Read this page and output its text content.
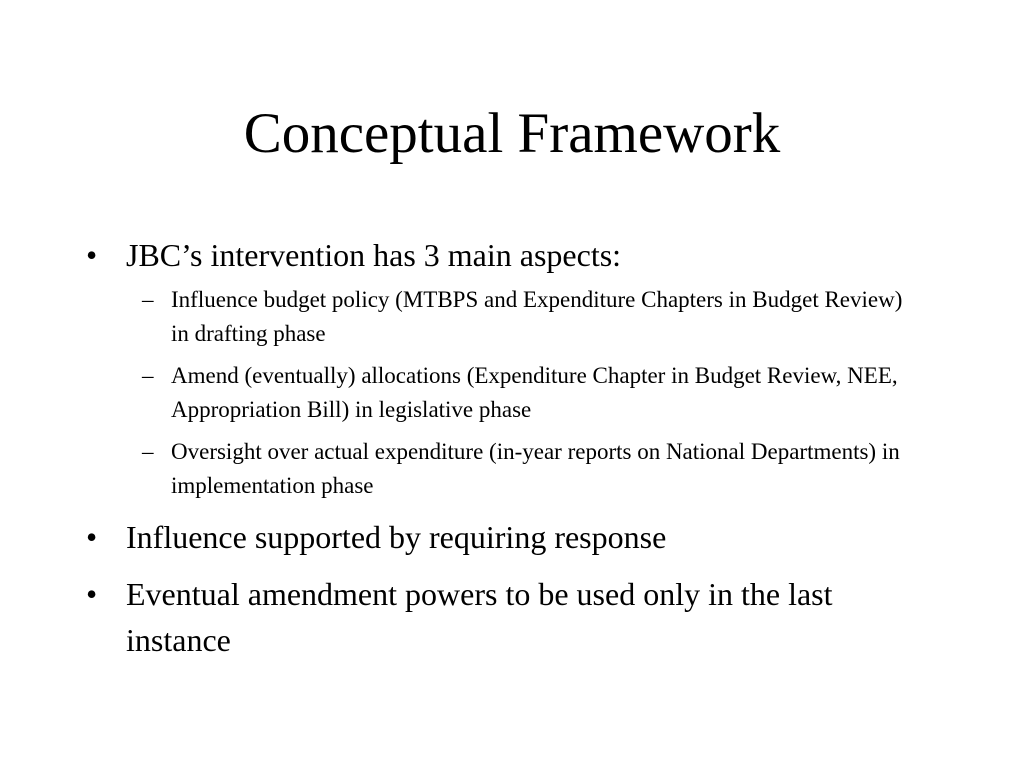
Conceptual Framework
• JBC’s intervention has 3 main aspects:
– Influence budget policy (MTBPS and Expenditure Chapters in Budget Review) in drafting phase
– Amend (eventually) allocations (Expenditure Chapter in Budget Review, NEE, Appropriation Bill) in legislative phase
– Oversight over actual expenditure (in-year reports on National Departments) in implementation phase
• Influence supported by requiring response
• Eventual amendment powers to be used only in the last instance
